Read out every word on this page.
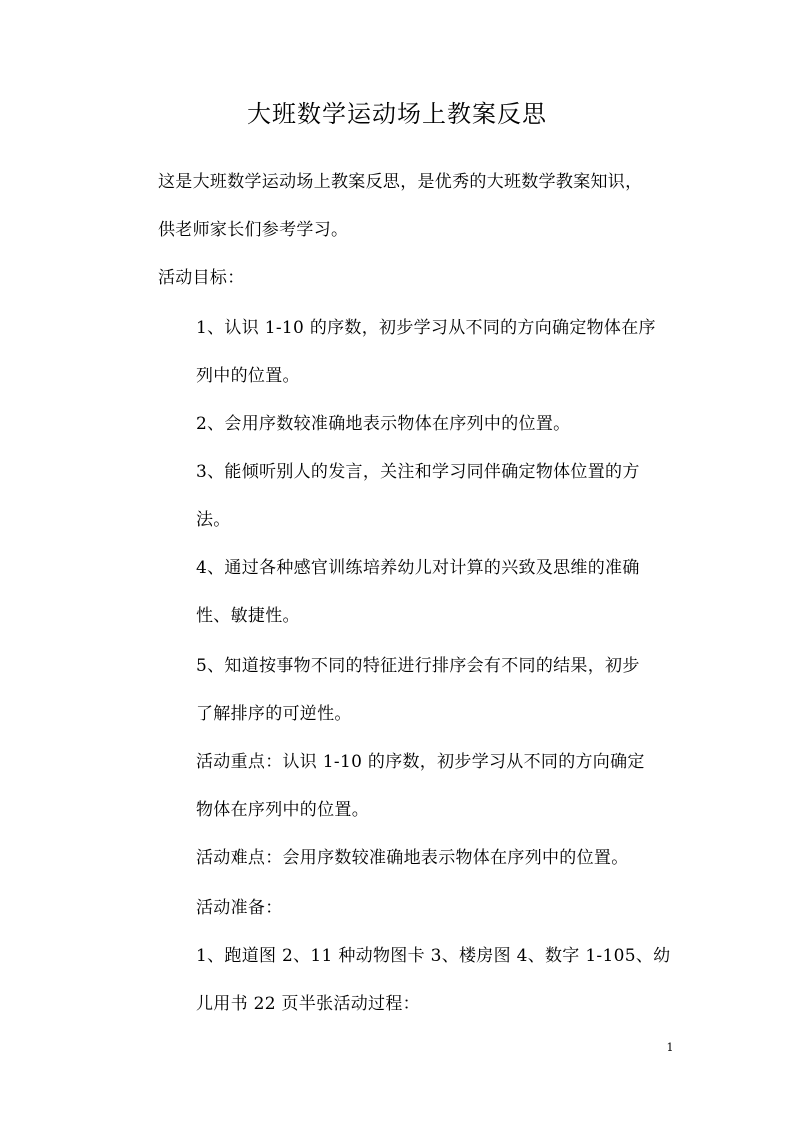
大班数学运动场上教案反思
这是大班数学运动场上教案反思，是优秀的大班数学教案知识，
供老师家长们参考学习。
活动目标：
1、认识 1-10 的序数，初步学习从不同的方向确定物体在序
列中的位置。
2、会用序数较准确地表示物体在序列中的位置。
3、能倾听别人的发言，关注和学习同伴确定物体位置的方
法。
4、通过各种感官训练培养幼儿对计算的兴致及思维的准确
性、敏捷性。
5、知道按事物不同的特征进行排序会有不同的结果，初步
了解排序的可逆性。
活动重点：认识 1-10 的序数，初步学习从不同的方向确定
物体在序列中的位置。
活动难点：会用序数较准确地表示物体在序列中的位置。
活动准备：
1、跑道图 2、11 种动物图卡 3、楼房图 4、数字 1-105、幼
儿用书 22 页半张活动过程：
1
